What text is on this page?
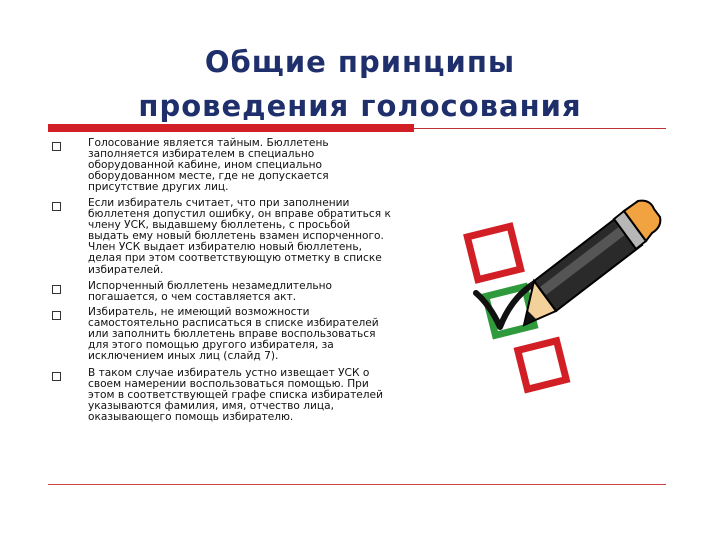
Общие принципы
проведения голосования
Голосование является тайным. Бюллетень
заполняется избирателем в специально
оборудованной кабине, ином специально
оборудованном месте, где не допускается
присутствие других лиц.
Если избиратель считает, что при заполнении
бюллетеня допустил ошибку, он вправе обратиться к
члену УСК, выдавшему бюллетень, с просьбой
выдать ему новый бюллетень взамен испорченного.
Член УСК выдает избирателю новый бюллетень,
делая при этом соответствующую отметку в списке
избирателей.
Испорченный бюллетень незамедлительно
погашается, о чем составляется акт.
Избиратель, не имеющий возможности
самостоятельно расписаться в списке избирателей
или заполнить бюллетень вправе воспользоваться
для этого помощью другого избирателя, за
исключением иных лиц (слайд 7).
В таком случае избиратель устно извещает УСК о
своем намерении воспользоваться помощью. При
этом в соответствующей графе списка избирателей
указываются фамилия, имя, отчество лица,
оказывающего помощь избирателю.
